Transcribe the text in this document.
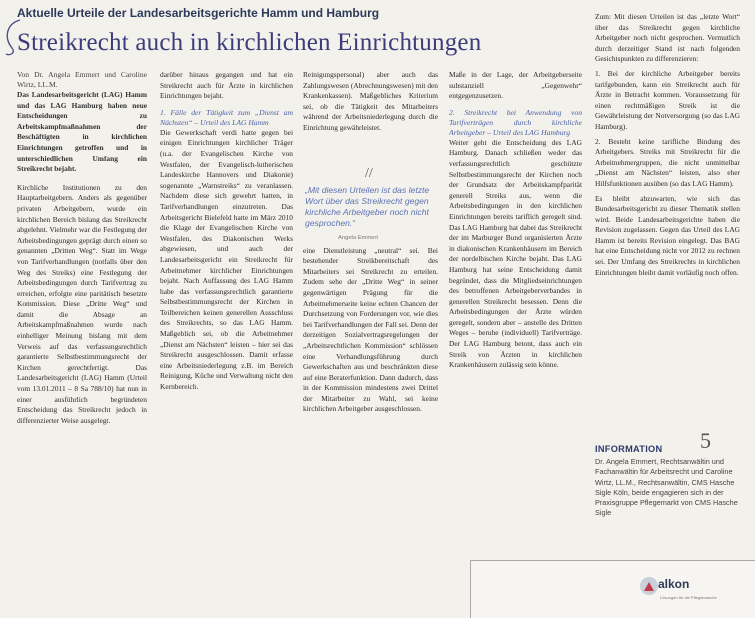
Aktuelle Urteile der Landesarbeitsgerichte Hamm und Hamburg
Streikrecht auch in kirchlichen Einrichtungen

Von Dr. Angela Emmert und Caroline Wirtz, LL.M.

Das Landesarbeitsgericht (LAG) Hamm und das LAG Hamburg haben neue Entscheidungen zu Arbeitskampfmaßnahmen der Beschäftigten in kirchlichen Einrichtungen getroffen und in unterschiedlichen Umfang ein Streikrecht bejaht.

Kirchliche Institutionen zu den Hauptarbeitgebern. Anders als gegenüber privaten Arbeitgebern, wurde ein kirchlichen Bereich bislang das Streikrecht abgelehnt. Vielmehr war die Festlegung der Arbeitsbedingungen geprägt durch einen so genannten „Dritten Weg“. Statt im Wege von Tarifverhandlungen (notfalls über den Weg des Streiks) eine Festlegung der Arbeitsbedingungen durch Tarifvertrag zu erreichen, erfolgte eine paritätisch besetzte Kommission. Diese „Dritte Weg“ und damit die Absage an Arbeitskampfmaßnahmen wurde nach einhelliger Meinung bislang mit dem Verweis auf das verfassungsrechtlich garantierte Selbstbestimmungsrecht der Kirchen gerechtfertigt. Das Landesarbeitsgericht (LAG) Hamm (Urteil vom 13.01.2011 – 8 Sa 788/10) hat nun in einer ausführlich begründeten Entscheidung das Streikrecht jedoch in differenzierter Weise ausgelegt.

darüber hinaus gegangen und hat ein Streikrecht auch für Ärzte in kirchlichen Einrichtungen bejaht.

1. Fälle der Tätigkeit zum „Dienst am Nächsten“ – Urteil des LAG Hamm

Die Gewerkschaft verdi hatte gegen bei einigen Einrichtungen kirchlicher Träger (u.a. der Evangelischen Kirche von Westfalen, der Evangelisch-lutherischen Landeskirche Hannovers und Diakonie) sogenannte „Warnstreiks“ zu veranlassen. Nachdem diese sich gewehrt hatten, in Tarifverhandlungen einzutreten. Das Arbeitsgericht Bielefeld hatte im März 2010 die Klage der Evangelischen Kirche von Westfalen, des Diakonischen Werks abgewiesen, und auch der Landesarbeitsgericht ein Streikrecht für Arbeitnehmer kirchlicher Einrichtungen bejaht. Nach Auffassung des LAG Hamm habe das verfassungsrechtlich garantierte Selbstbestimmungsrecht der Kirchen in Teilbereichen keinen generellen Ausschluss des Streikrechts, so das LAG Hamm. Maßgeblich sei, ob die Arbeitnehmer „Dienst am Nächsten“ leisten – hier sei das Streikrecht ausgeschlossen. Damit erfasse eine Arbeitsniederlegung z.B. im Bereich Reinigung, Küche und Verwaltung nicht den Kernbereich.

Reinigungspersonal) aber auch das Zahlungswesen (Abrechnungswesen) mit den Krankenkassen). Maßgebliches Kriterium sei, ob die Tätigkeit des Mitarbeiters während der Arbeitsniederlegung durch die Einrichtung gewährleistet.

eine Dienstleistung „neutral“ sei. Bei bestehender Streikbereitschaft des Mitarbeiters sei Streikrecht zu erteilen. Zudem sehe der „Dritte Weg“ in seiner gegenwärtigen Prägung für die Arbeitnehmerseite keine echten Chancen der Durchsetzung von Forderungen vor, wie dies bei Tarifverhandlungen der Fall sei. Denn der derzeitigen Sozialvertragsregelungen der „Arbeitsrechtlichen Kommission“ schlössen eine Verhandlungsführung durch Gewerkschaften aus und beschränkten diese auf eine Beraterfunktion. Dann dadurch, dass in der Kommission mindestens zwei Drittel der Mitarbeiter zu Wahl, sei keine kirchlichen Arbeitgeber ausgeschlossen.

//
„Mit diesen Urteilen ist das letzte Wort über das Streikrecht gegen kirchliche Arbeitgeber noch nicht gesprochen.“
Angela Emmert

Maße in der Lage, der Arbeitgeberseite substanziell „Gegenwehr“ entgegenzusetzen.

2. Streikrecht bei Anwendung von Tarifverträgen durch kirchliche Arbeitgeber – Urteil des LAG Hamburg

Weiter geht die Entscheidung des LAG Hamburg. Danach schließen weder das verfassungsrechtlich geschützte Selbstbestimmungsrecht der Kirchen noch der Grundsatz der Arbeitskampfparität generell Streiks aus, wenn die Arbeitsbedingungen in den kirchlichen Einrichtungen bereits tariflich geregelt sind. Das LAG Hamburg hat dabei das Streikrecht der im Marburger Bund organisierten Ärzte in diakonischen Krankenhäusern im Bereich der nordelbischen Kirche bejaht. Das LAG Hamburg hat seine Entscheidung damit begründet, dass die Mitgliedseinrichtungen des betroffenen Arbeitgeberverbandes in generellen Streikrecht besessen. Denn die Arbeitsbedingungen der Ärzte würden geregelt, sondern aber – anstelle des Dritten Weges – beruhe (individuell) Tarifverträge. Der LAG Hamburg betont, dass auch ein Streik von Ärzten in kirchlichen Krankenhäusern zulässig sein könne.

Zum: Mit diesen Urteilen ist das „letzte Wort“ über das Streikrecht gegen kirchliche Arbeitgeber noch nicht gesprochen. Vermutlich durch derzeitiger Stand ist nach folgenden Gesichtspunkten zu differenzieren:

1. Bei der kirchliche Arbeitgeber bereits tarifgebunden, kann ein Streikrecht auch für Ärzte in Betracht kommen. Voraussetzung für einen rechtmäßigen Streik ist die Gewährleistung der Notversorgung (so das LAG Hamburg).

2. Besteht keine tarifliche Bindung des Arbeitgebers. Streiks mit Streikrecht für die Arbeitnehmergruppen, die nicht unmittelbar „Dienst am Nächsten“ leisten, also eher Hilfsfunktionen ausüben (so das LAG Hamm).

Es bleibt abzuwarten, wie sich das Bundesarbeitsgericht zu dieser Thematik stellen wird. Beide Landesarbeitsgerichte haben die Revision zugelassen. Gegen das Urteil des LAG Hamm ist bereits Revision eingelegt. Das BAG hat eine Entscheidung nicht vor 2012 zu rechnen sei. Der Umfang des Streikrechts in kirchlichen Einrichtungen bleibt damit vorläufig noch offen.

5
INFORMATION
Dr. Angela Emmert, Rechtsanwältin und Fachanwältin für Arbeitsrecht und Caroline Wirtz, LL.M., Rechtsanwältin, CMS Hasche Sigle Köln, beide engagieren sich in der Praxisgruppe Pflegemarkt von CMS Hasche Sigle
alkon
Lösungen für die Pflegebranche
